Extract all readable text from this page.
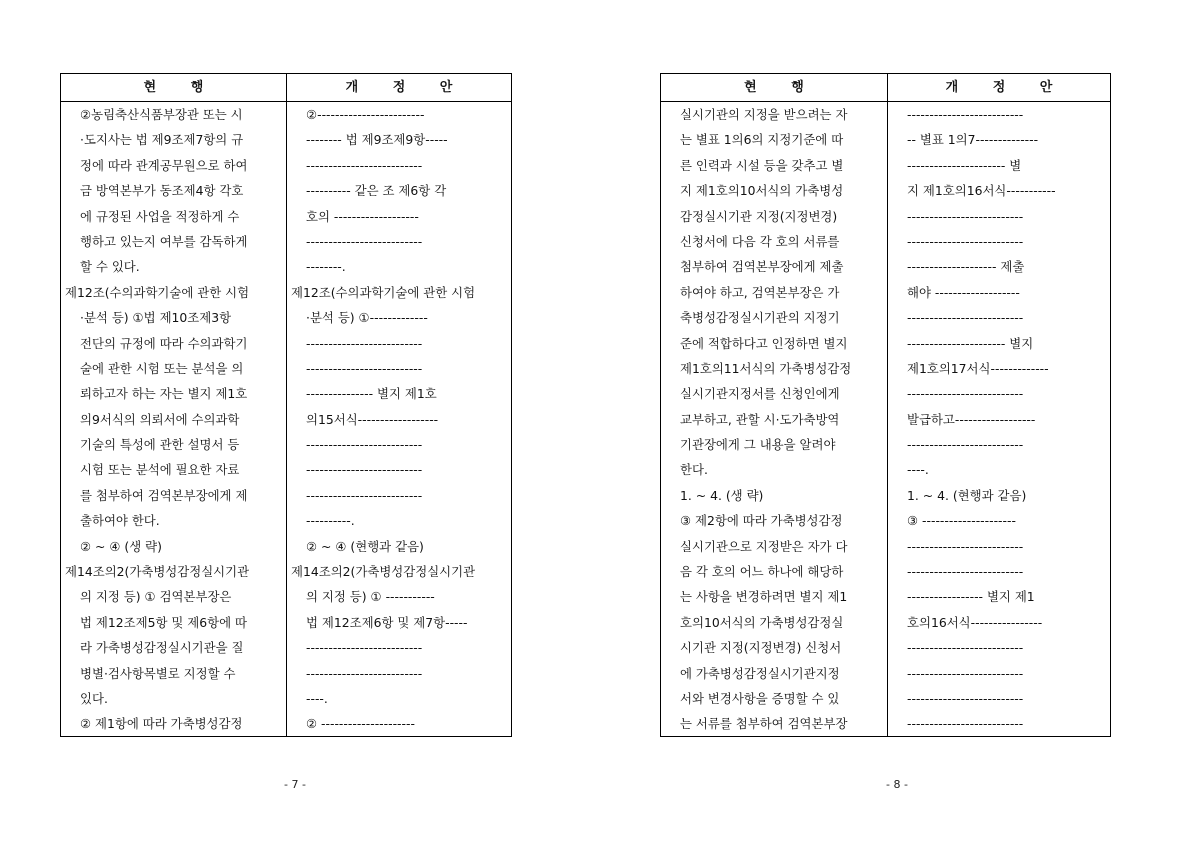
현 행	개 정 안
②농림축산식품부장관 또는 시
·도지사는 법 제9조제7항의 규
정에 따라 관계공무원으로 하여
금 방역본부가 동조제4항 각호
에 규정된 사업을 적정하게 수
행하고 있는지 여부를 감독하게
할 수 있다.
제12조(수의과학기술에 관한 시험
·분석 등) ①법 제10조제3항
전단의 규정에 따라 수의과학기
술에 관한 시험 또는 분석을 의
뢰하고자 하는 자는 별지 제1호
의9서식의 의뢰서에 수의과학
기술의 특성에 관한 설명서 등
시험 또는 분석에 필요한 자료
를 첨부하여 검역본부장에게 제
출하여야 한다.
② ~ ④ (생 략)
제14조의2(가축병성감정실시기관
의 지정 등) ① 검역본부장은
법 제12조제5항 및 제6항에 따
라 가축병성감정실시기관을 질
병별·검사항목별로 지정할 수
있다.
② 제1항에 따라 가축병성감정
②------------------------
-------- 법 제9조제9항-----
--------------------------
---------- 같은 조 제6항 각
호의 -------------------
--------------------------
--------.
제12조(수의과학기술에 관한 시험
·분석 등) ①-------------
--------------------------
--------------------------
--------------- 별지 제1호
의15서식------------------
--------------------------
--------------------------
--------------------------
----------.
② ~ ④ (현행과 같음)
제14조의2(가축병성감정실시기관
의 지정 등) ① -----------
법 제12조제6항 및 제7항-----
--------------------------
--------------------------
----.
② ---------------------
- 7 -
현 행	개 정 안
실시기관의 지정을 받으려는 자
는 별표 1의6의 지정기준에 따
른 인력과 시설 등을 갖추고 별
지 제1호의10서식의 가축병성
감정실시기관 지정(지정변경)
신청서에 다음 각 호의 서류를
첨부하여 검역본부장에게 제출
하여야 하고, 검역본부장은 가
축병성감정실시기관의 지정기
준에 적합하다고 인정하면 별지
제1호의11서식의 가축병성감정
실시기관지정서를 신청인에게
교부하고, 관할 시·도가축방역
기관장에게 그 내용을 알려야
한다.
1. ~ 4. (생 략)
③ 제2항에 따라 가축병성감정
실시기관으로 지정받은 자가 다
음 각 호의 어느 하나에 해당하
는 사항을 변경하려면 별지 제1
호의10서식의 가축병성감정실
시기관 지정(지정변경) 신청서
에 가축병성감정실시기관지정
서와 변경사항을 증명할 수 있
는 서류를 첨부하여 검역본부장
--------------------------
-- 별표 1의7--------------
---------------------- 별
지 제1호의16서식-----------
--------------------------
--------------------------
-------------------- 제출
해야 -------------------
--------------------------
---------------------- 별지
제1호의17서식-------------
--------------------------
발급하고------------------
--------------------------
----.
1. ~ 4. (현행과 같음)
③ ---------------------
--------------------------
--------------------------
----------------- 별지 제1
호의16서식----------------
--------------------------
--------------------------
--------------------------
--------------------------
- 8 -
